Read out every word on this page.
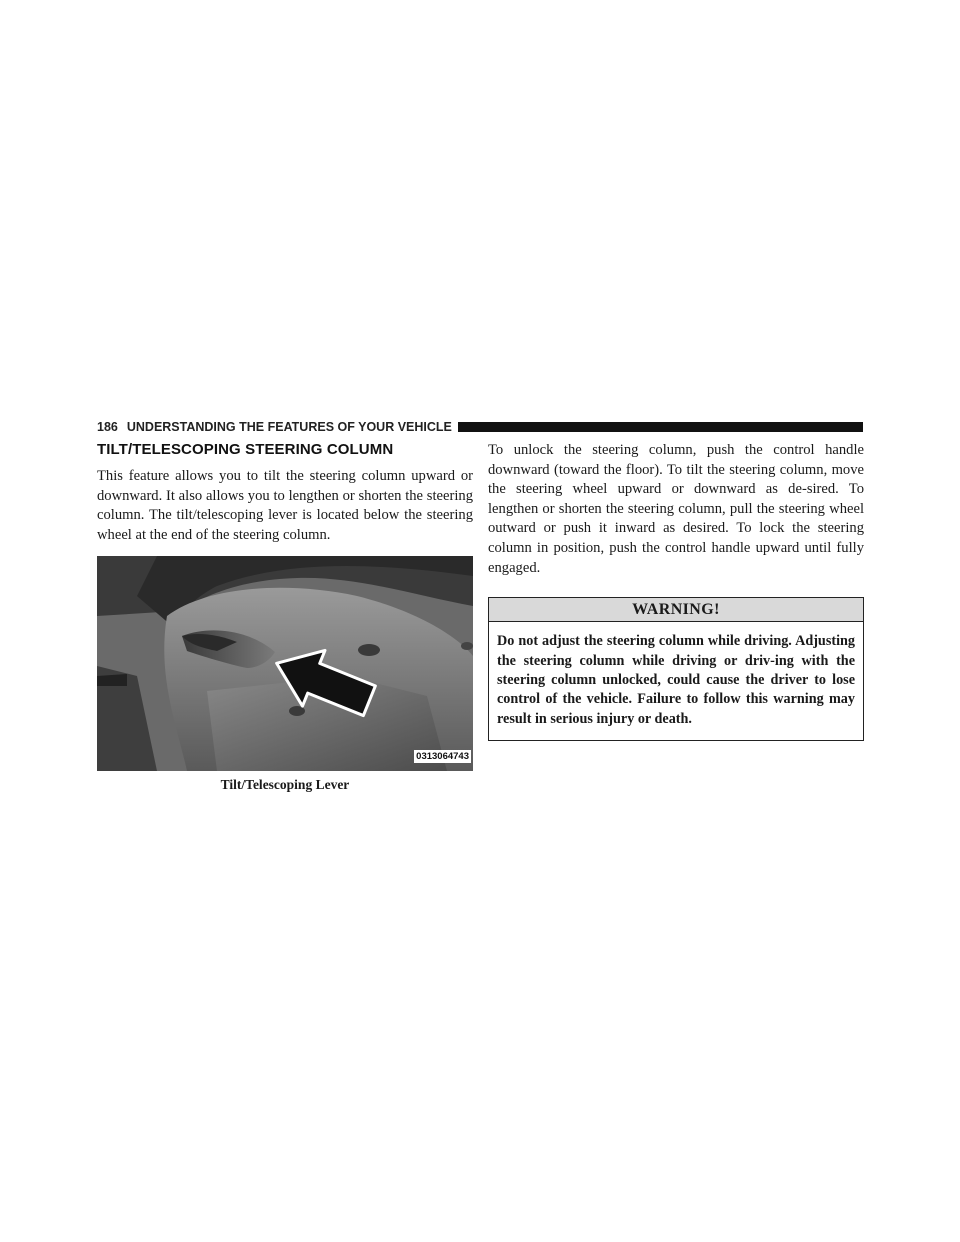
186 UNDERSTANDING THE FEATURES OF YOUR VEHICLE
TILT/TELESCOPING STEERING COLUMN

This feature allows you to tilt the steering column upward or downward. It also allows you to lengthen or shorten the steering column. The tilt/telescoping lever is located below the steering wheel at the end of the steering column.

0313064743
Tilt/Telescoping Lever

To unlock the steering column, push the control handle downward (toward the floor). To tilt the steering column, move the steering wheel upward or downward as de-sired. To lengthen or shorten the steering column, pull the steering wheel outward or push it inward as desired. To lock the steering column in position, push the control handle upward until fully engaged.

WARNING!
Do not adjust the steering column while driving. Adjusting the steering column while driving or driv-ing with the steering column unlocked, could cause the driver to lose control of the vehicle. Failure to follow this warning may result in serious injury or death.
